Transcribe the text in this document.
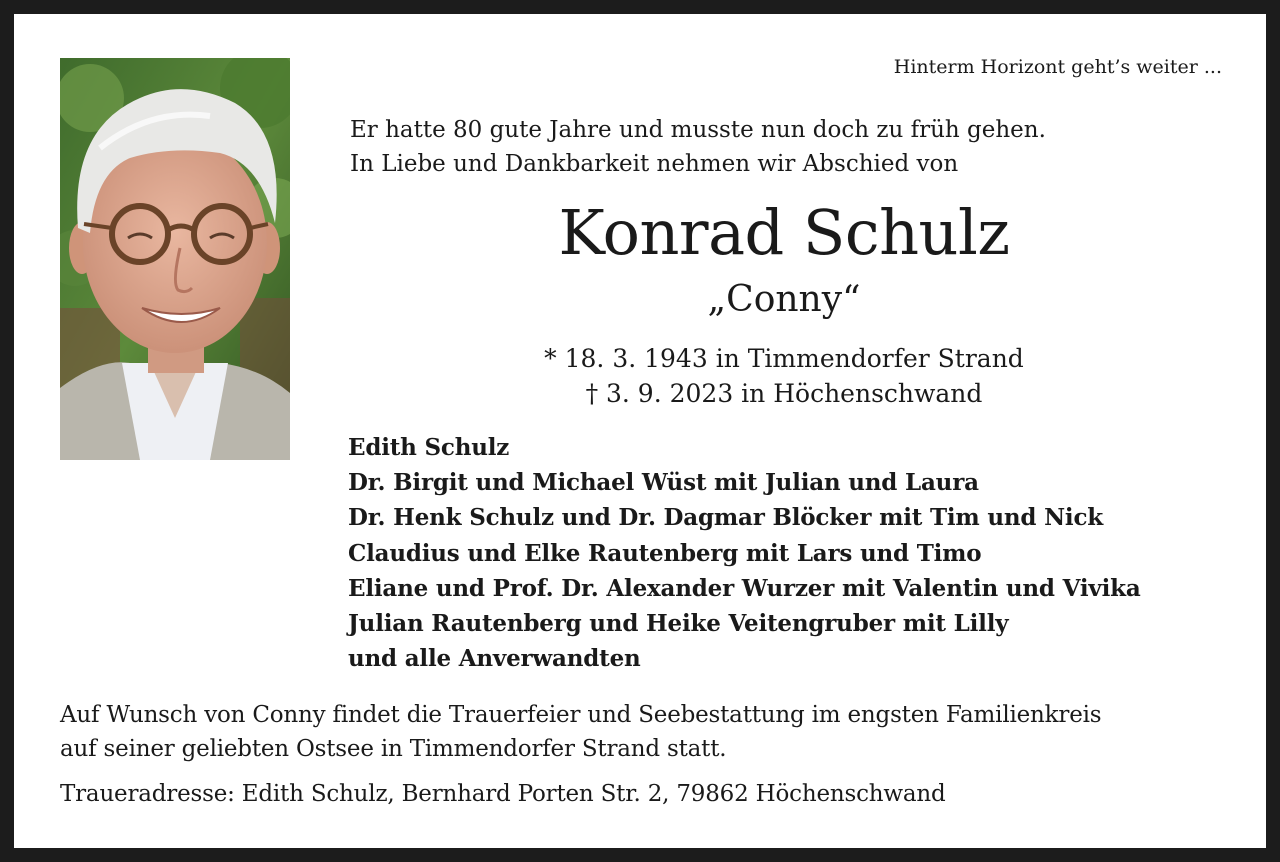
Hinterm Horizont geht’s weiter ...
Er hatte 80 gute Jahre und musste nun doch zu früh gehen.
In Liebe und Dankbarkeit nehmen wir Abschied von
Konrad Schulz
„Conny“
* 18. 3. 1943 in Timmendorfer Strand
† 3. 9. 2023 in Höchenschwand
Edith Schulz
Dr. Birgit und Michael Wüst mit Julian und Laura
Dr. Henk Schulz und Dr. Dagmar Blöcker mit Tim und Nick
Claudius und Elke Rautenberg mit Lars und Timo
Eliane und Prof. Dr. Alexander Wurzer mit Valentin und Vivika
Julian Rautenberg und Heike Veitengruber mit Lilly
und alle Anverwandten
Auf Wunsch von Conny findet die Trauerfeier und Seebestattung im engsten Familienkreis
auf seiner geliebten Ostsee in Timmendorfer Strand statt.
Traueradresse: Edith Schulz, Bernhard Porten Str. 2, 79862 Höchenschwand
